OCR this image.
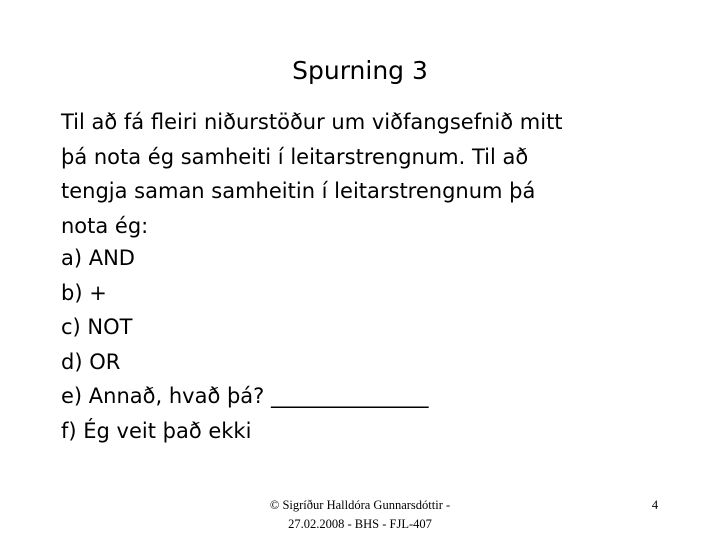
Spurning 3
Til að fá fleiri niðurstöður um viðfangsefnið mitt
þá nota ég samheiti í leitarstrengnum. Til að
tengja saman samheitin í leitarstrengnum þá
nota ég:
a) AND
b) +
c) NOT
d) OR
e) Annað, hvað þá? _______________
f) Ég veit það ekki
© Sigríður Halldóra Gunnarsdóttir -
27.02.2008 - BHS - FJL-407
4
